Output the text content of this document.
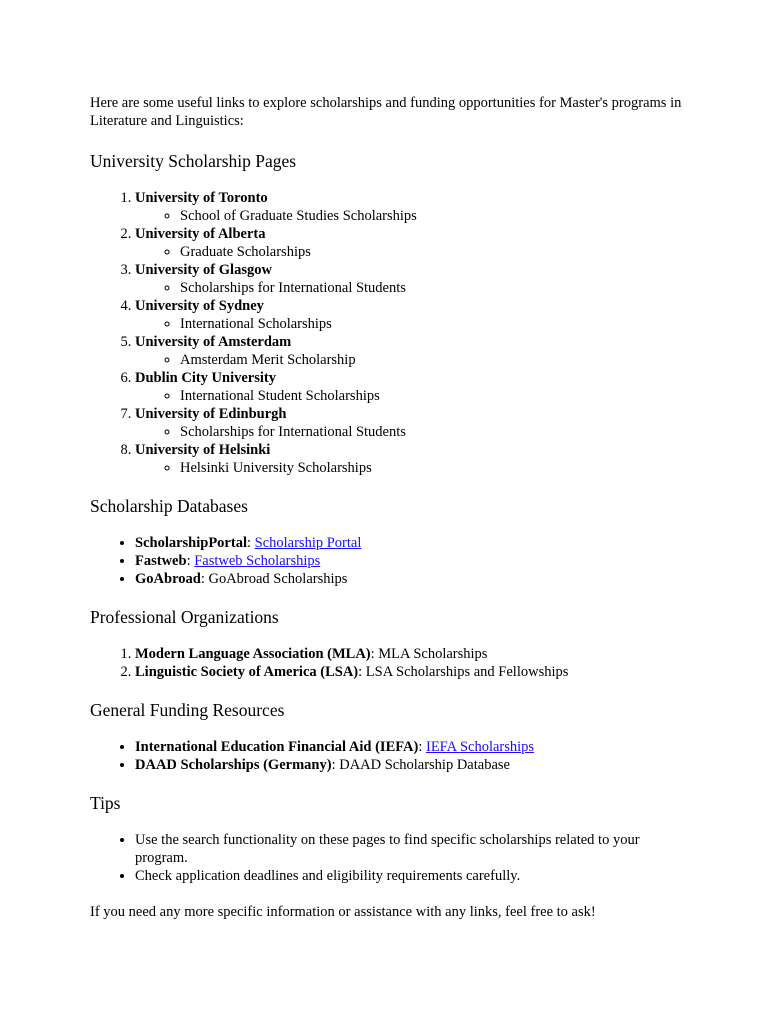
Here are some useful links to explore scholarships and funding opportunities for Master's programs in Literature and Linguistics:

University Scholarship Pages
1. University of Toronto
◦ School of Graduate Studies Scholarships
2. University of Alberta
◦ Graduate Scholarships
3. University of Glasgow
◦ Scholarships for International Students
4. University of Sydney
◦ International Scholarships
5. University of Amsterdam
◦ Amsterdam Merit Scholarship
6. Dublin City University
◦ International Student Scholarships
7. University of Edinburgh
◦ Scholarships for International Students
8. University of Helsinki
◦ Helsinki University Scholarships
Scholarship Databases
• ScholarshipPortal: Scholarship Portal
• Fastweb: Fastweb Scholarships
• GoAbroad: GoAbroad Scholarships
Professional Organizations
1. Modern Language Association (MLA): MLA Scholarships
2. Linguistic Society of America (LSA): LSA Scholarships and Fellowships
General Funding Resources
• International Education Financial Aid (IEFA): IEFA Scholarships
• DAAD Scholarships (Germany): DAAD Scholarship Database
Tips
• Use the search functionality on these pages to find specific scholarships related to your program.
• Check application deadlines and eligibility requirements carefully.

If you need any more specific information or assistance with any links, feel free to ask!
